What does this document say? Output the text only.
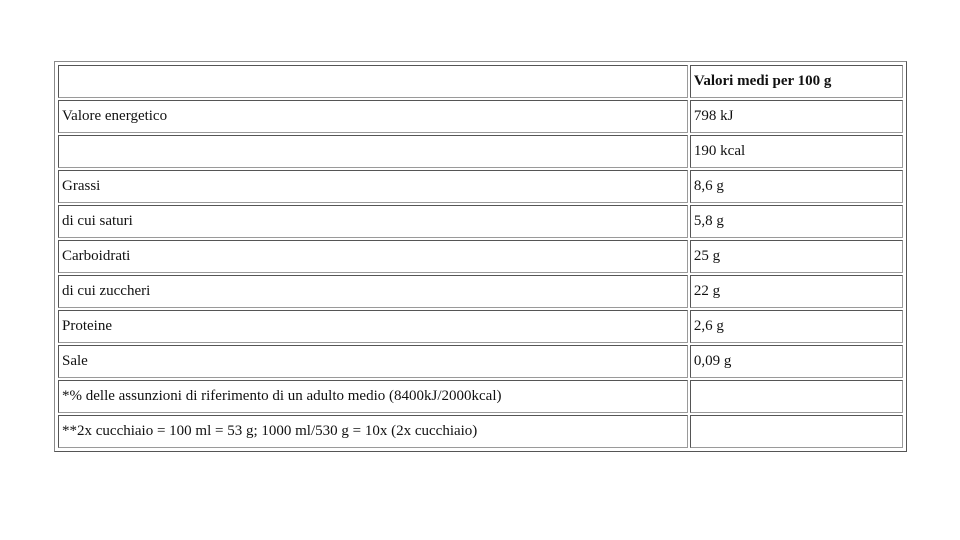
	Valori medi per 100 g
Valore energetico	798 kJ
	190 kcal
Grassi	8,6 g
di cui saturi	5,8 g
Carboidrati	25 g
di cui zuccheri	22 g
Proteine	2,6 g
Sale	0,09 g
*% delle assunzioni di riferimento di un adulto medio (8400kJ/2000kcal)	
**2x cucchiaio = 100 ml = 53 g; 1000 ml/530 g = 10x (2x cucchiaio)	
